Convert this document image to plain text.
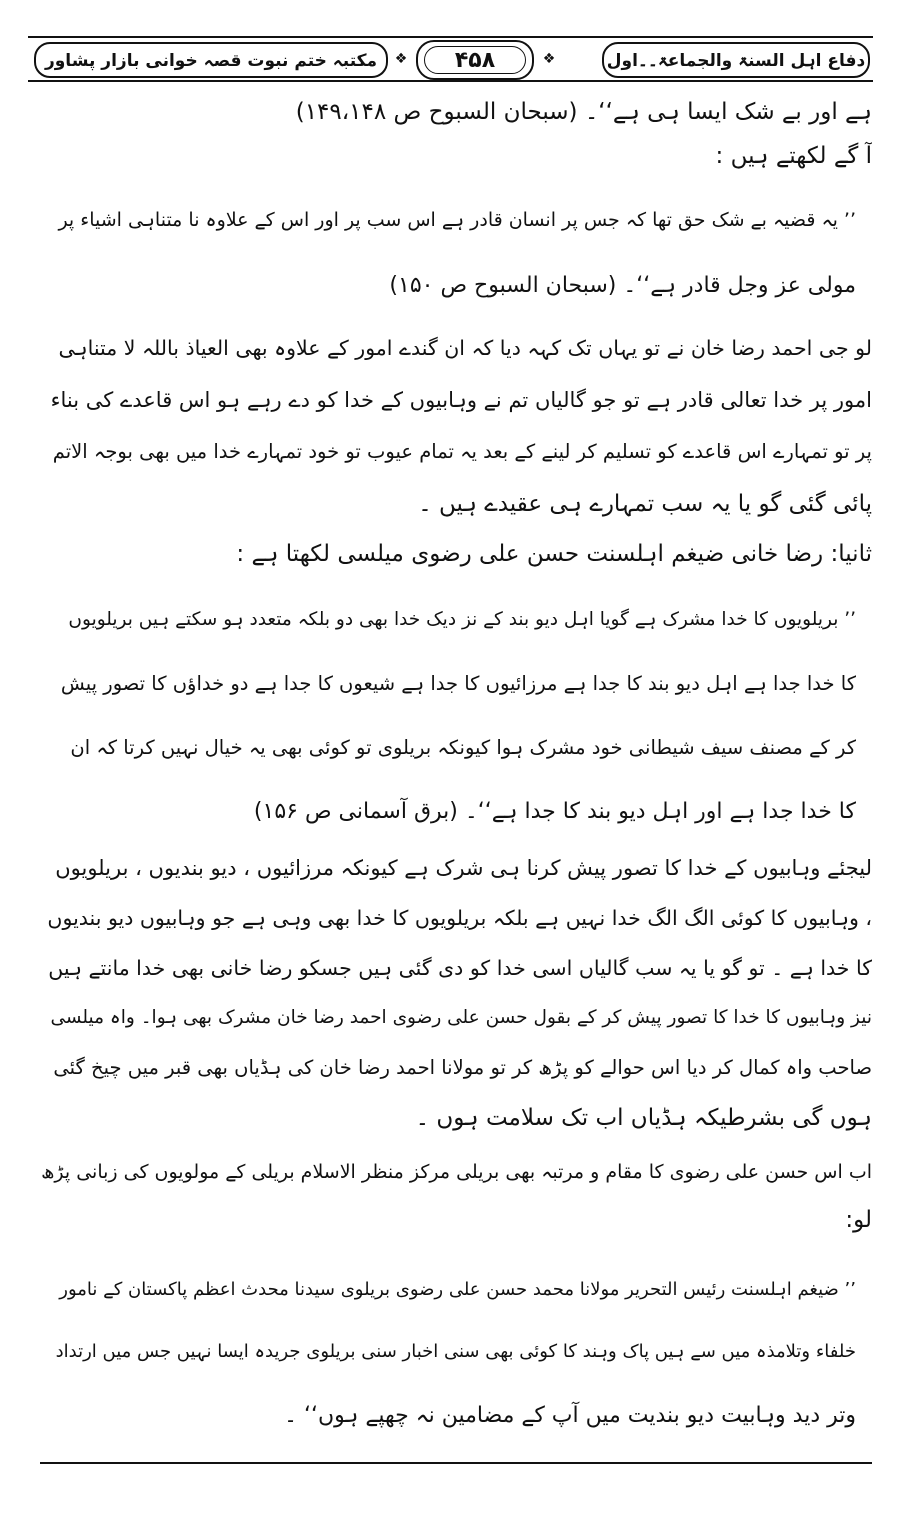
مکتبہ ختم نبوت قصہ خوانی بازار پشاور ❖ ۴۵۸	❖	دفاع اہل السنۃ والجماعۃ۔۔اول
ہے اور بے شک ایسا ہی ہے‘‘۔ (سبحان السبوح ص ۱۴۹،۱۴۸)
آ گے لکھتے ہیں :
’’ یہ قضیہ بے شک حق تھا کہ جس پر انسان قادر ہے اس سب پر اور اس کے علاوہ نا متناہی اشیاء پر
مولی عز وجل قادر ہے‘‘۔ (سبحان السبوح ص ۱۵۰)
لو جی احمد رضا خان نے تو یہاں تک کہہ دیا کہ ان گندے امور کے علاوہ بھی العیاذ باللہ لا متناہی
امور پر خدا تعالی قادر ہے تو جو گالیاں تم نے وہابیوں کے خدا کو دے رہے ہو اس قاعدے کی بناء
پر تو تمہارے اس قاعدے کو تسلیم کر لینے کے بعد یہ تمام عیوب تو خود تمہارے خدا میں بھی بوجہ الاتم
پائی گئی گو یا یہ سب تمہارے ہی عقیدے ہیں ۔
ثانیا: رضا خانی ضیغم اہلسنت حسن علی رضوی میلسی لکھتا ہے :
’’ بریلویوں کا خدا مشرک ہے گویا اہل دیو بند کے نز دیک خدا بھی دو بلکہ متعدد ہو سکتے ہیں بریلویوں
کا خدا جدا ہے اہل دیو بند کا جدا ہے مرزائیوں کا جدا ہے شیعوں کا جدا ہے دو خداؤں کا تصور پیش
کر کے مصنف سیف شیطانی خود مشرک ہوا کیونکہ بریلوی تو کوئی بھی یہ خیال نہیں کرتا کہ ان
کا خدا جدا ہے اور اہل دیو بند کا جدا ہے‘‘۔ (برق آسمانی ص ۱۵۶)
لیجئے وہابیوں کے خدا کا تصور پیش کرنا ہی شرک ہے کیونکہ مرزائیوں ، دیو بندیوں ، بریلویوں
، وہابیوں کا کوئی الگ الگ خدا نہیں ہے بلکہ بریلویوں کا خدا بھی وہی ہے جو وہابیوں دیو بندیوں
کا خدا ہے ۔ تو گو یا یہ سب گالیاں اسی خدا کو دی گئی ہیں جسکو رضا خانی بھی خدا مانتے ہیں
نیز وہابیوں کا خدا کا تصور پیش کر کے بقول حسن علی رضوی احمد رضا خان مشرک بھی ہوا۔ واہ میلسی
صاحب واہ کمال کر دیا اس حوالے کو پڑھ کر تو مولانا احمد رضا خان کی ہڈیاں بھی قبر میں چیخ گئی
ہوں گی بشرطیکہ ہڈیاں اب تک سلامت ہوں ۔
اب اس حسن علی رضوی کا مقام و مرتبہ بھی بریلی مرکز منظر الاسلام بریلی کے مولویوں کی زبانی پڑھ
لو:
’’ ضیغم اہلسنت رئیس التحریر مولانا محمد حسن علی رضوی بریلوی سیدنا محدث اعظم پاکستان کے نامور
خلفاء وتلامذہ میں سے ہیں پاک وہند کا کوئی بھی سنی اخبار سنی بریلوی جریدہ ایسا نہیں جس میں ارتداد
وتر دید وہابیت دیو بندیت میں آپ کے مضامین نہ چھپے ہوں‘‘ ۔
